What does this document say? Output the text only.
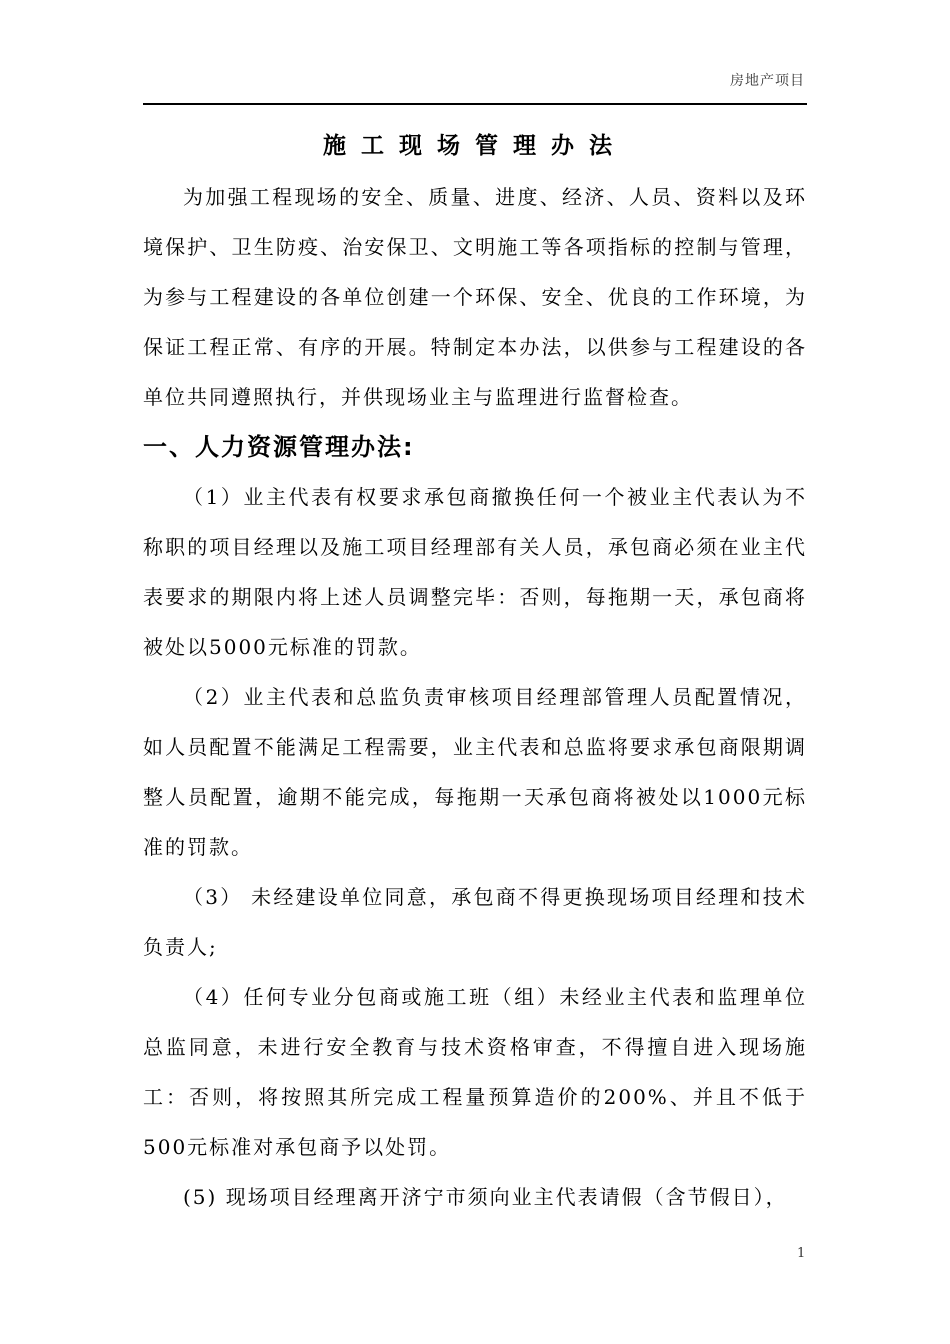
房地产项目
施工现场管理办法

为加强工程现场的安全、质量、进度、经济、人员、资料以及环境保护、卫生防疫、治安保卫、文明施工等各项指标的控制与管理，为参与工程建设的各单位创建一个环保、安全、优良的工作环境，为保证工程正常、有序的开展。特制定本办法，以供参与工程建设的各单位共同遵照执行，并供现场业主与监理进行监督检查。

一、人力资源管理办法:

（1）业主代表有权要求承包商撤换任何一个被业主代表认为不称职的项目经理以及施工项目经理部有关人员，承包商必须在业主代表要求的期限内将上述人员调整完毕：否则，每拖期一天，承包商将被处以5000元标准的罚款。

（2）业主代表和总监负责审核项目经理部管理人员配置情况，如人员配置不能满足工程需要，业主代表和总监将要求承包商限期调整人员配置，逾期不能完成，每拖期一天承包商将被处以1000元标准的罚款。

（3） 未经建设单位同意，承包商不得更换现场项目经理和技术负责人;

（4）任何专业分包商或施工班（组）未经业主代表和监理单位总监同意，未进行安全教育与技术资格审查，不得擅自进入现场施工：否则，将按照其所完成工程量预算造价的200%、并且不低于500元标准对承包商予以处罚。

(5) 现场项目经理离开济宁市须向业主代表请假（含节假日），

1
